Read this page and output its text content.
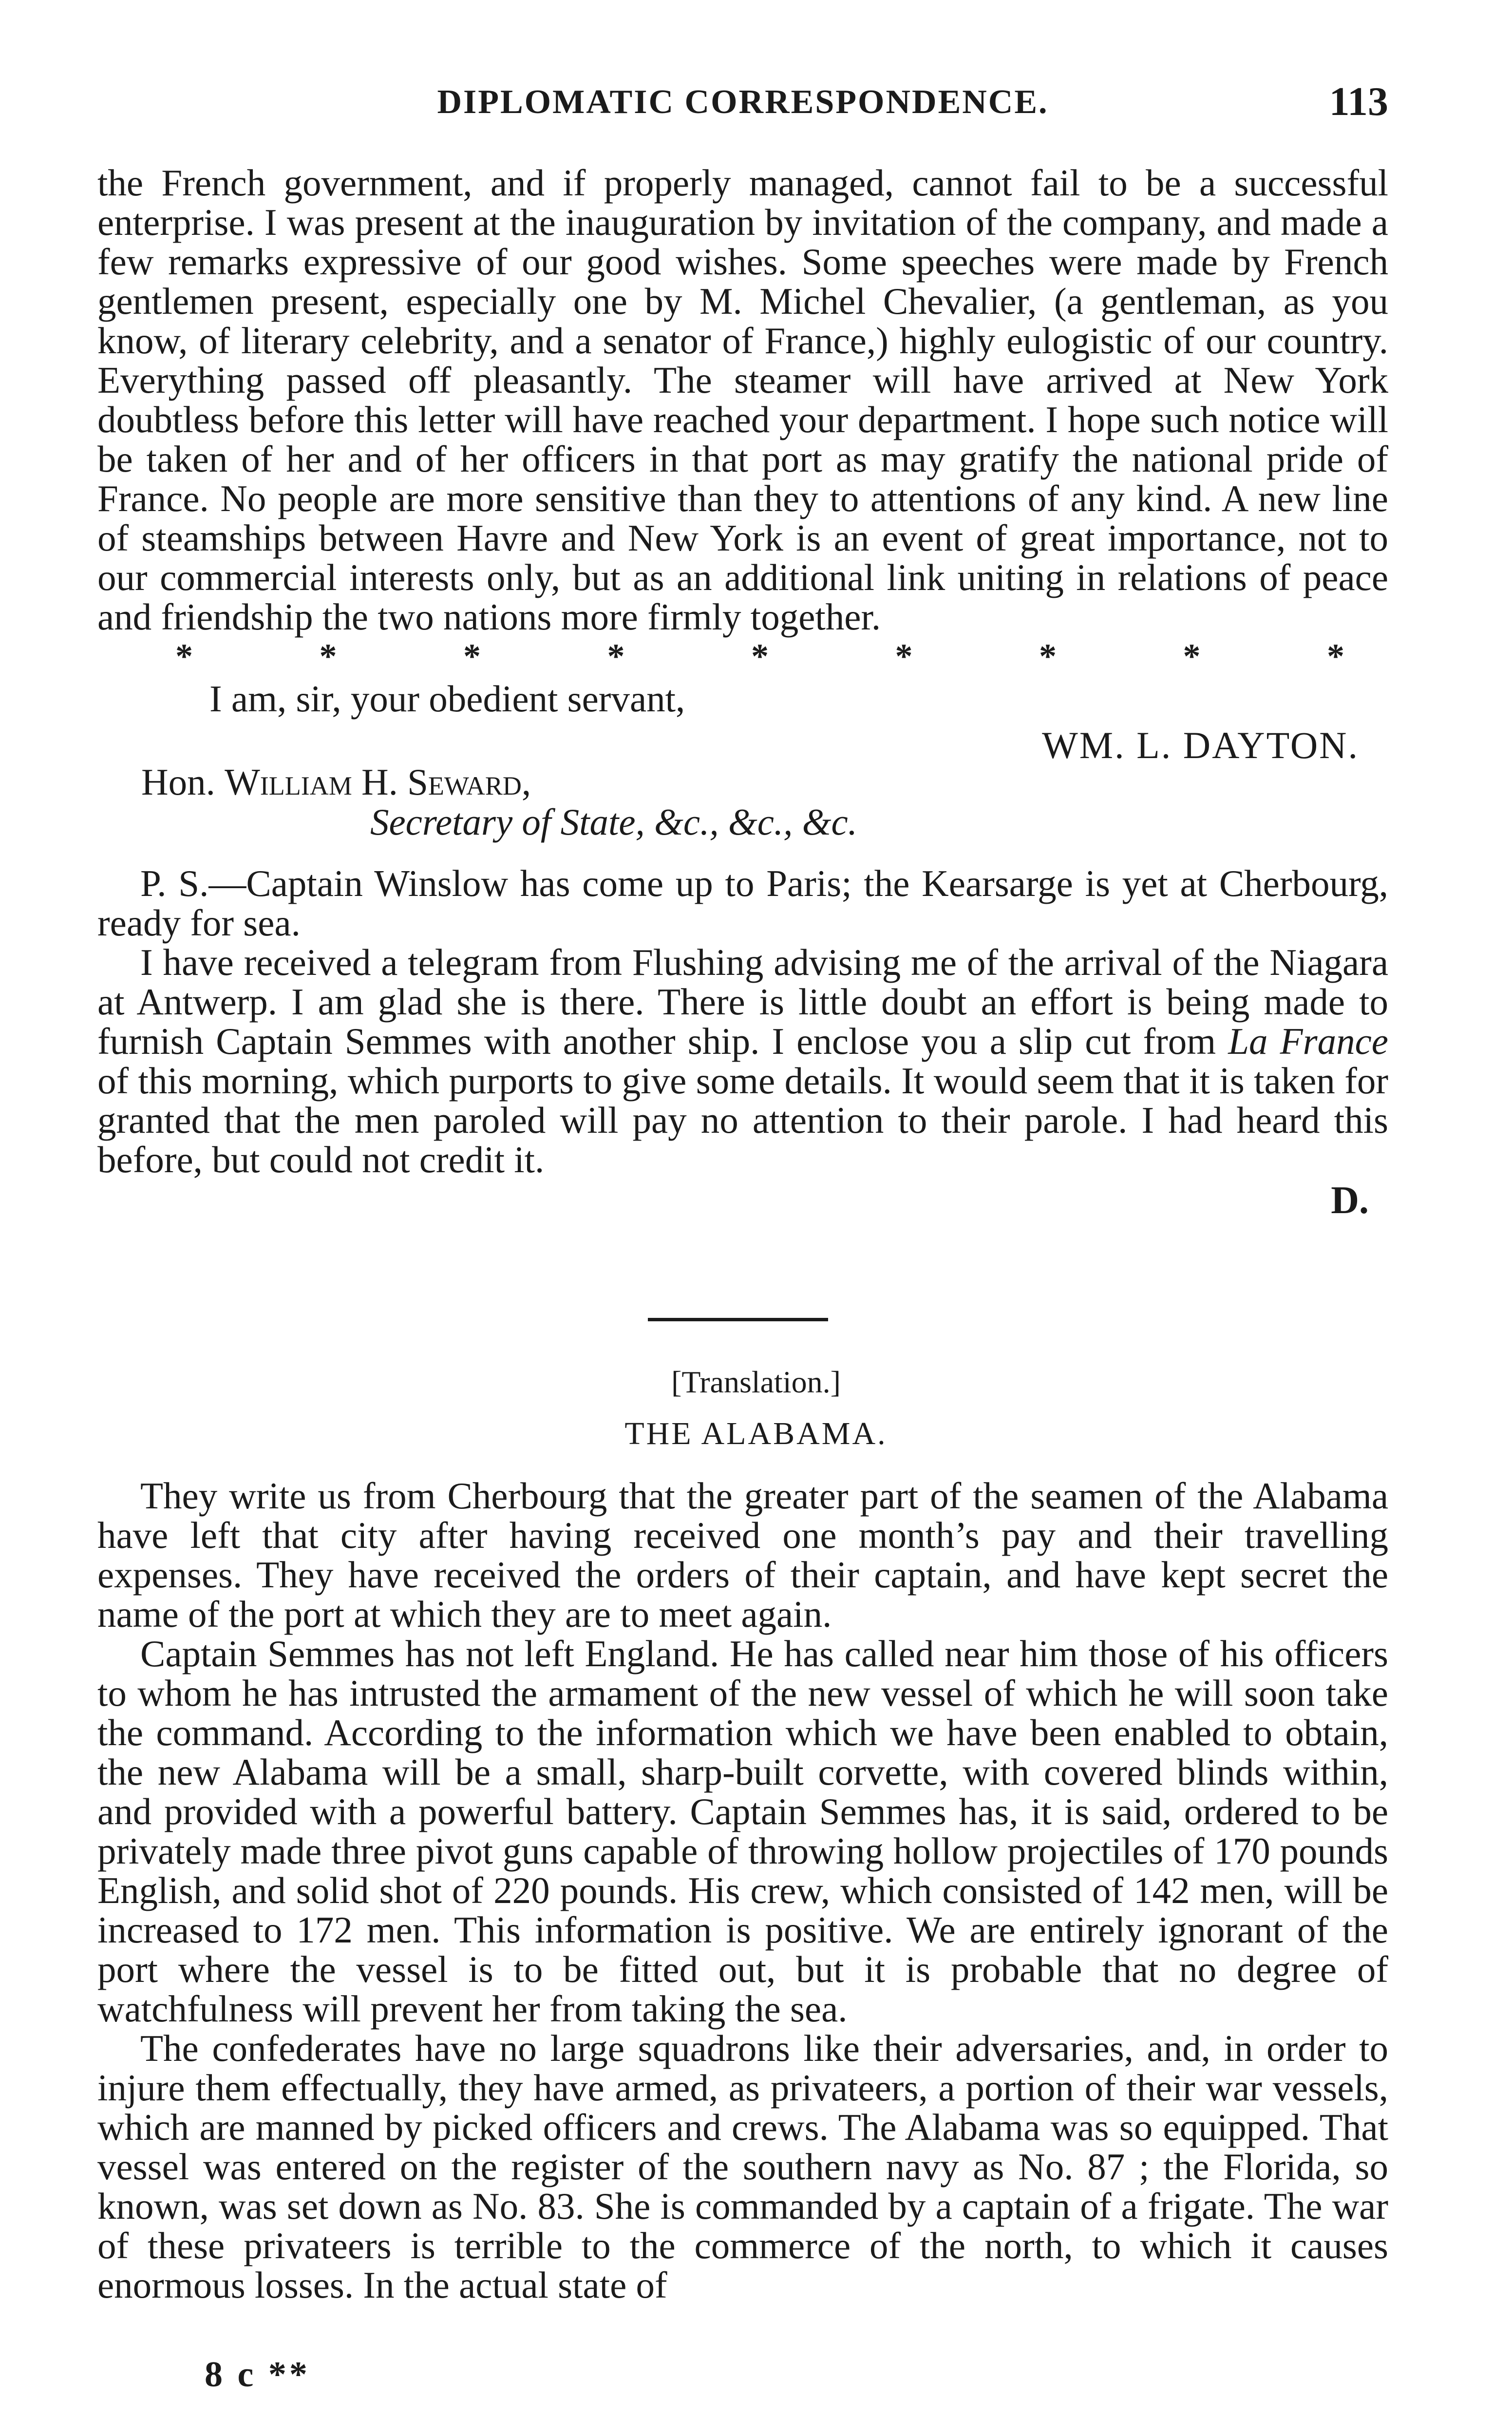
DIPLOMATIC CORRESPONDENCE.	113

the French government, and if properly managed, cannot fail to be a successful enterprise. I was present at the inauguration by invitation of the company, and made a few remarks expressive of our good wishes. Some speeches were made by French gentlemen present, especially one by M. Michel Chevalier, (a gentleman, as you know, of literary celebrity, and a senator of France,) highly eulogistic of our country. Everything passed off pleasantly. The steamer will have arrived at New York doubtless before this letter will have reached your department. I hope such notice will be taken of her and of her officers in that port as may gratify the national pride of France. No people are more sensitive than they to attentions of any kind. A new line of steamships between Havre and New York is an event of great importance, not to our commercial interests only, but as an additional link uniting in relations of peace and friendship the two nations more firmly together.

*	*	*	*	*	*	*	*	*
I am, sir, your obedient servant,
WM. L. DAYTON.
Hon. William H. Seward,
Secretary of State, &c., &c., &c.

P. S.—Captain Winslow has come up to Paris; the Kearsarge is yet at Cherbourg, ready for sea.

I have received a telegram from Flushing advising me of the arrival of the Niagara at Antwerp. I am glad she is there. There is little doubt an effort is being made to furnish Captain Semmes with another ship. I enclose you a slip cut from La France of this morning, which purports to give some details. It would seem that it is taken for granted that the men paroled will pay no attention to their parole. I had heard this before, but could not credit it.

D.
[Translation.]
THE ALABAMA.

They write us from Cherbourg that the greater part of the seamen of the Alabama have left that city after having received one month’s pay and their travelling expenses. They have received the orders of their captain, and have kept secret the name of the port at which they are to meet again.

Captain Semmes has not left England. He has called near him those of his officers to whom he has intrusted the armament of the new vessel of which he will soon take the command. According to the information which we have been enabled to obtain, the new Alabama will be a small, sharp-built corvette, with covered blinds within, and provided with a powerful battery. Captain Semmes has, it is said, ordered to be privately made three pivot guns capable of throwing hollow projectiles of 170 pounds English, and solid shot of 220 pounds. His crew, which consisted of 142 men, will be increased to 172 men. This information is positive. We are entirely ignorant of the port where the vessel is to be fitted out, but it is probable that no degree of watchfulness will prevent her from taking the sea.

The confederates have no large squadrons like their adversaries, and, in order to injure them effectually, they have armed, as privateers, a portion of their war vessels, which are manned by picked officers and crews. The Alabama was so equipped. That vessel was entered on the register of the southern navy as No. 87 ; the Florida, so known, was set down as No. 83. She is commanded by a captain of a frigate. The war of these privateers is terrible to the commerce of the north, to which it causes enormous losses. In the actual state of

8 c **
